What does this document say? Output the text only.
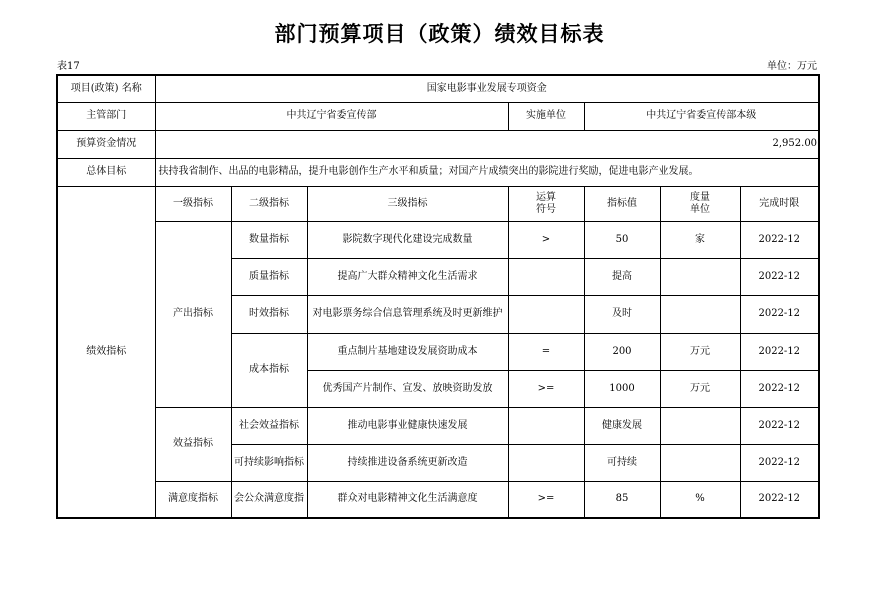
部门预算项目（政策）绩效目标表
表17	单位：万元
项目(政策) 名称	国家电影事业发展专项资金						
主管部门	中共辽宁省委宣传部			实施单位	中共辽宁省委宣传部本级		
预算资金情况	2,952.00						
总体目标	扶持我省制作、出品的电影精品，提升电影创作生产水平和质量；对国产片成绩突出的影院进行奖励，促进电影产业发展。						
绩效指标	一级指标	二级指标	三级指标	运算符号	指标值	度量单位	完成时限
	产出指标	数量指标	影院数字现代化建设完成数量	>	50	家	2022-12
		质量指标	提高广大群众精神文化生活需求		提高		2022-12
		时效指标	对电影票务综合信息管理系统及时更新维护		及时		2022-12
		成本指标	重点制片基地建设发展资助成本	=	200	万元	2022-12
			优秀国产片制作、宣发、放映资助发放	>=	1000	万元	2022-12
	效益指标	社会效益指标	推动电影事业健康快速发展		健康发展		2022-12
		可持续影响指标	持续推进设备系统更新改造		可持续		2022-12
	满意度指标	会公众满意度指	群众对电影精神文化生活满意度	>=	85	%	2022-12
